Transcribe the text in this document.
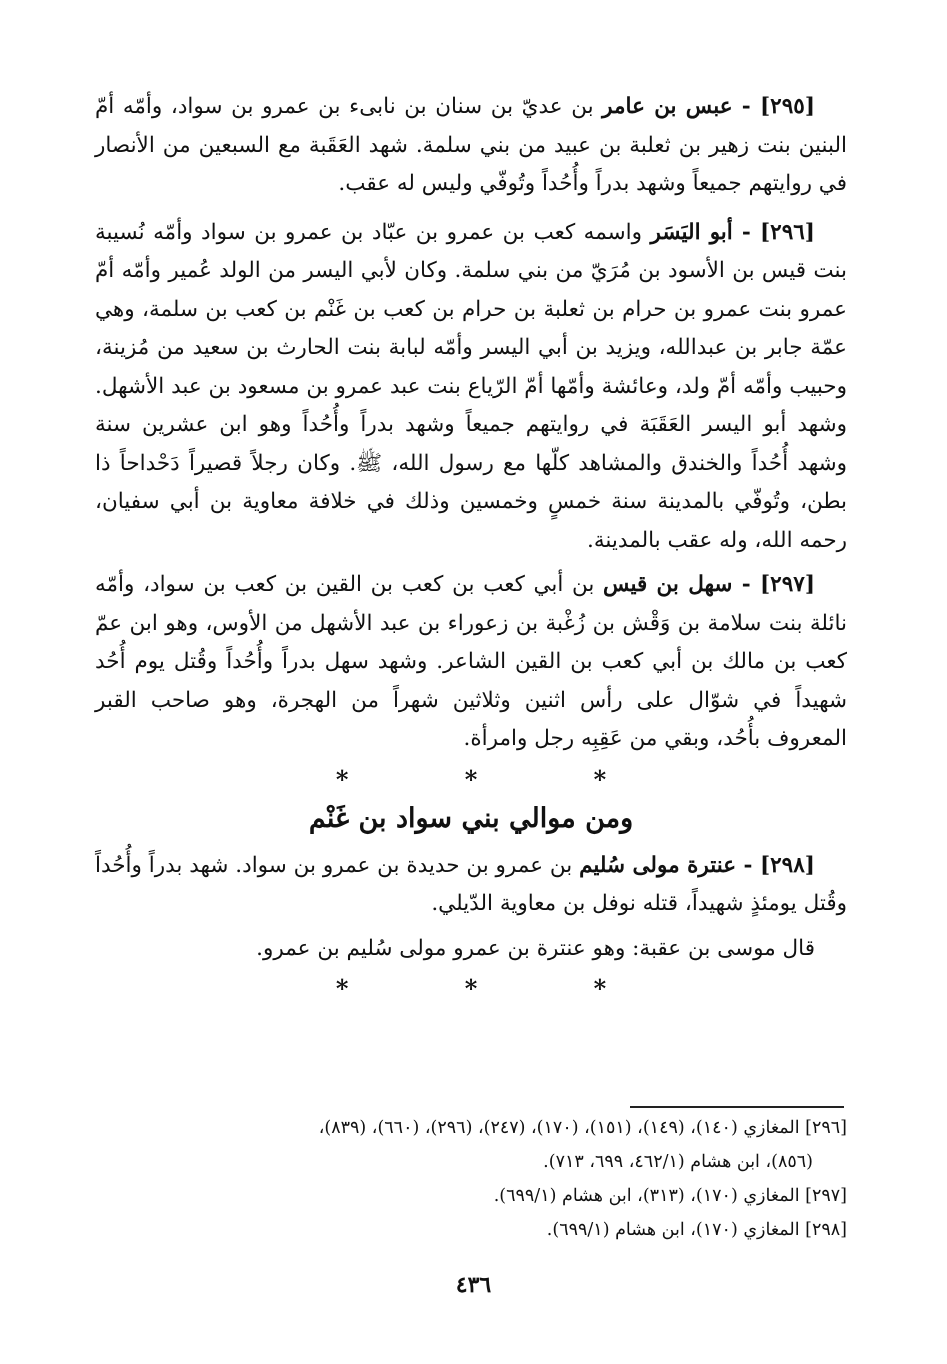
[٢٩٥] - عبس بن عامر بن عديّ بن سنان بن نابىء بن عمرو بن سواد، وأمّه أمّ البنين بنت زهير بن ثعلبة بن عبيد من بني سلمة. شهد العَقَبة مع السبعين من الأنصار في روايتهم جميعاً وشهد بدراً وأُحُداً وتُوفّي وليس له عقب.

[٢٩٦] - أبو اليَسَر واسمه كعب بن عمرو بن عبّاد بن عمرو بن سواد وأمّه نُسيبة بنت قيس بن الأسود بن مُرَيّ من بني سلمة. وكان لأبي اليسر من الولد عُمير وأمّه أمّ عمرو بنت عمرو بن حرام بن ثعلبة بن حرام بن كعب بن غَنْم بن كعب بن سلمة، وهي عمّة جابر بن عبدالله، ويزيد بن أبي اليسر وأمّه لبابة بنت الحارث بن سعيد من مُزينة، وحبيب وأمّه أمّ ولد، وعائشة وأمّها أمّ الرّياع بنت عبد عمرو بن مسعود بن عبد الأشهل. وشهد أبو اليسر العَقَبَة في روايتهم جميعاً وشهد بدراً وأُحُداً وهو ابن عشرين سنة وشهد أُحُداً والخندق والمشاهد كلّها مع رسول الله، ﷺ. وكان رجلاً قصيراً دَحْداحاً ذا بطن، وتُوفّي بالمدينة سنة خمسٍ وخمسين وذلك في خلافة معاوية بن أبي سفيان، رحمه الله، وله عقب بالمدينة.

[٢٩٧] - سهل بن قيس بن أبي كعب بن كعب بن القين بن كعب بن سواد، وأمّه نائلة بنت سلامة بن وَقْش بن زُغْبة بن زعوراء بن عبد الأشهل من الأوس، وهو ابن عمّ كعب بن مالك بن أبي كعب بن القين الشاعر. وشهد سهل بدراً وأُحُداً وقُتل يوم أُحُد شهيداً في شوّال على رأس اثنين وثلاثين شهراً من الهجرة، وهو صاحب القبر المعروف بأُحُد، وبقي من عَقِبِه رجل وامرأة.

* * *
ومن موالي بني سواد بن غَنْم

[٢٩٨] - عنترة مولى سُليم بن عمرو بن حديدة بن عمرو بن سواد. شهد بدراً وأُحُداً وقُتل يومئذٍ شهيداً، قتله نوفل بن معاوية الدّيلي.

قال موسى بن عقبة: وهو عنترة بن عمرو مولى سُليم بن عمرو.
* * *
[٢٩٦] المغازي (١٤٠)، (١٤٩)، (١٥١)، (١٧٠)، (٢٤٧)، (٢٩٦)، (٦٦٠)، (٨٣٩)،
(٨٥٦)، ابن هشام (٤٦٢/١، ٦٩٩، ٧١٣).
[٢٩٧] المغازي (١٧٠)، (٣١٣)، ابن هشام (٦٩٩/١).
[٢٩٨] المغازي (١٧٠)، ابن هشام (٦٩٩/١).
٤٣٦
